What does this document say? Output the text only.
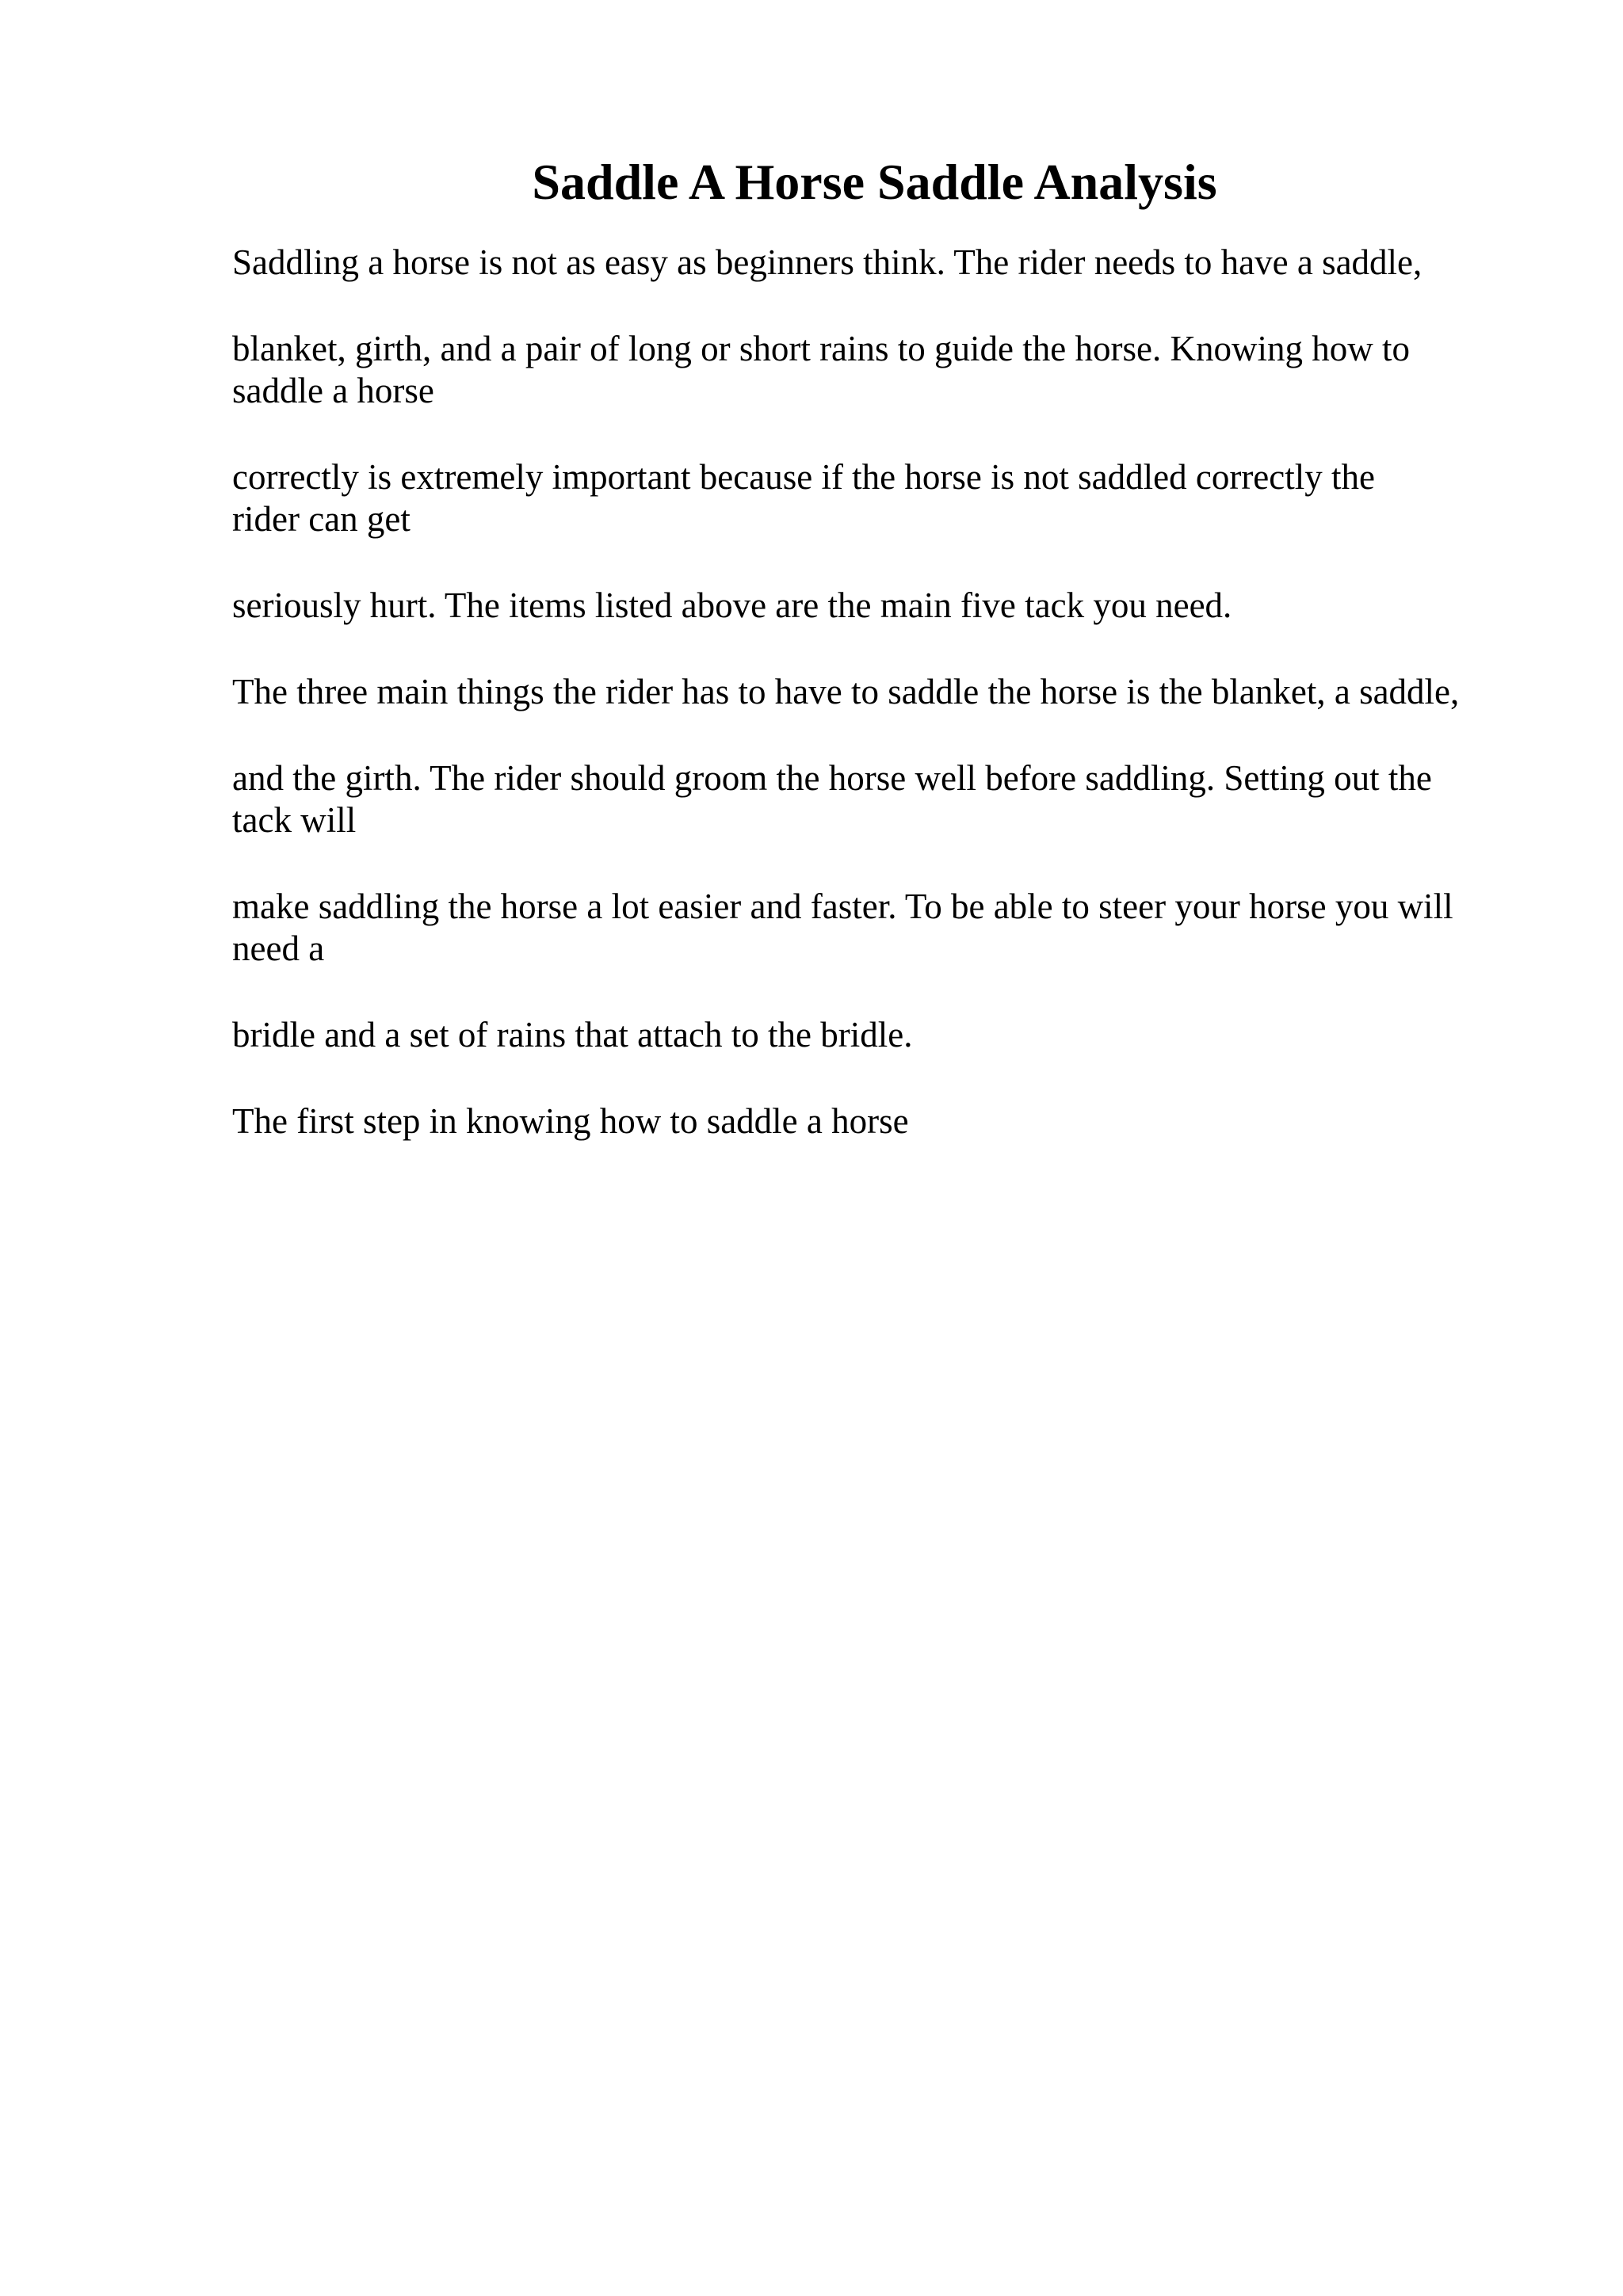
Saddle A Horse Saddle Analysis

Saddling a horse is not as easy as beginners think. The rider needs to have a saddle,

blanket, girth, and a pair of long or short rains to guide the horse. Knowing how to
saddle a horse

correctly is extremely important because if the horse is not saddled correctly the
rider can get

seriously hurt. The items listed above are the main five tack you need.

The three main things the rider has to have to saddle the horse is the blanket, a saddle,

and the girth. The rider should groom the horse well before saddling. Setting out the
tack will

make saddling the horse a lot easier and faster. To be able to steer your horse you will
need a

bridle and a set of rains that attach to the bridle.

The first step in knowing how to saddle a horse
